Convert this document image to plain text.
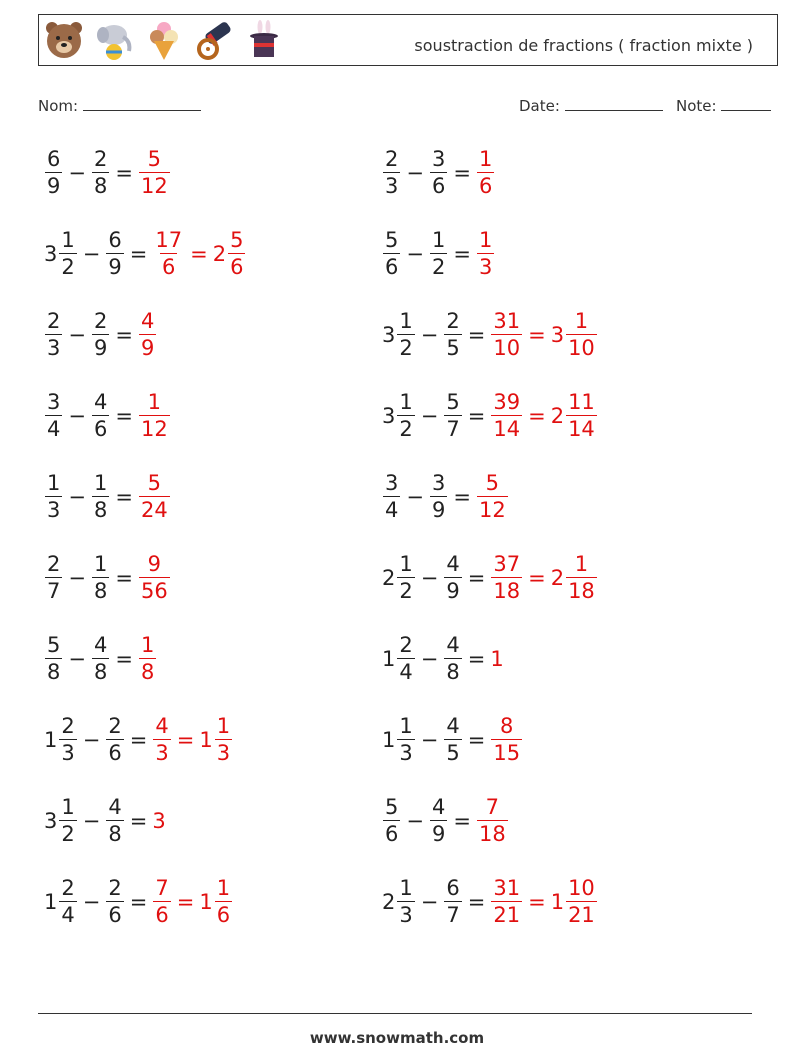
soustraction de fractions ( fraction mixte )
Nom:	Date:	Note:
$\frac{6}{9} - \frac{2}{8} = \frac{5}{12}$	$\frac{2}{3} - \frac{3}{6} = \frac{1}{6}$
$3 \frac{1}{2} - \frac{6}{9} = \frac{17}{6} = 2 \frac{5}{6}$	$\frac{5}{6} - \frac{1}{2} = \frac{1}{3}$
$\frac{2}{3} - \frac{2}{9} = \frac{4}{9}$	$3 \frac{1}{2} - \frac{2}{5} = \frac{31}{10} = 3 \frac{1}{10}$
$\frac{3}{4} - \frac{4}{6} = \frac{1}{12}$	$3 \frac{1}{2} - \frac{5}{7} = \frac{39}{14} = 2 \frac{11}{14}$
$\frac{1}{3} - \frac{1}{8} = \frac{5}{24}$	$\frac{3}{4} - \frac{3}{9} = \frac{5}{12}$
$\frac{2}{7} - \frac{1}{8} = \frac{9}{56}$	$2 \frac{1}{2} - \frac{4}{9} = \frac{37}{18} = 2 \frac{1}{18}$
$\frac{5}{8} - \frac{4}{8} = \frac{1}{8}$	$1 \frac{2}{4} - \frac{4}{8} = 1$
$1 \frac{2}{3} - \frac{2}{6} = \frac{4}{3} = 1 \frac{1}{3}$	$1 \frac{1}{3} - \frac{4}{5} = \frac{8}{15}$
$3 \frac{1}{2} - \frac{4}{8} = 3$	$\frac{5}{6} - \frac{4}{9} = \frac{7}{18}$
$1 \frac{2}{4} - \frac{2}{6} = \frac{7}{6} = 1 \frac{1}{6}$	$2 \frac{1}{3} - \frac{6}{7} = \frac{31}{21} = 1 \frac{10}{21}$
www.snowmath.com
